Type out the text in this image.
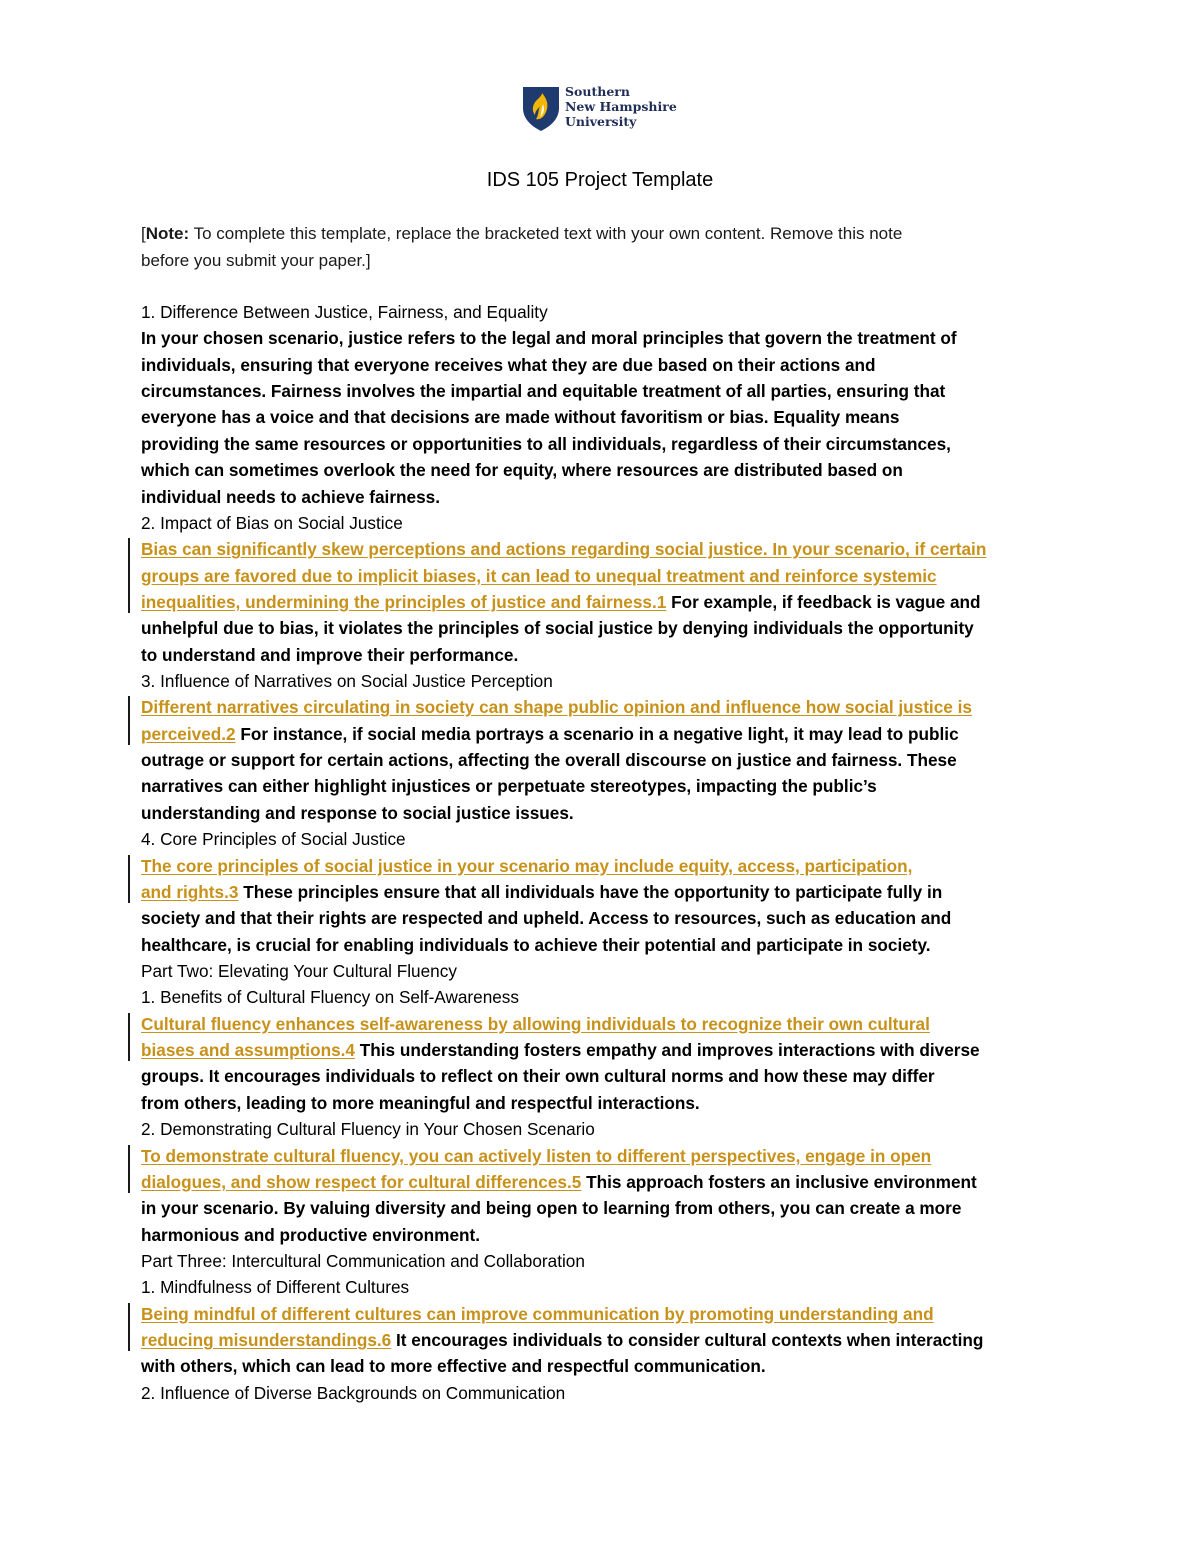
Southern
New Hampshire
University
IDS 105 Project Template
[Note: To complete this template, replace the bracketed text with your own content. Remove this note
before you submit your paper.]
1. Difference Between Justice, Fairness, and Equality
In your chosen scenario, justice refers to the legal and moral principles that govern the treatment of
individuals, ensuring that everyone receives what they are due based on their actions and
circumstances. Fairness involves the impartial and equitable treatment of all parties, ensuring that
everyone has a voice and that decisions are made without favoritism or bias. Equality means
providing the same resources or opportunities to all individuals, regardless of their circumstances,
which can sometimes overlook the need for equity, where resources are distributed based on
individual needs to achieve fairness.
2. Impact of Bias on Social Justice
Bias can significantly skew perceptions and actions regarding social justice. In your scenario, if certain
groups are favored due to implicit biases, it can lead to unequal treatment and reinforce systemic
inequalities, undermining the principles of justice and fairness.1 For example, if feedback is vague and
unhelpful due to bias, it violates the principles of social justice by denying individuals the opportunity
to understand and improve their performance.
3. Influence of Narratives on Social Justice Perception
Different narratives circulating in society can shape public opinion and influence how social justice is
perceived.2 For instance, if social media portrays a scenario in a negative light, it may lead to public
outrage or support for certain actions, affecting the overall discourse on justice and fairness. These
narratives can either highlight injustices or perpetuate stereotypes, impacting the public’s
understanding and response to social justice issues.
4. Core Principles of Social Justice
The core principles of social justice in your scenario may include equity, access, participation,
and rights.3 These principles ensure that all individuals have the opportunity to participate fully in
society and that their rights are respected and upheld. Access to resources, such as education and
healthcare, is crucial for enabling individuals to achieve their potential and participate in society.
Part Two: Elevating Your Cultural Fluency
1. Benefits of Cultural Fluency on Self-Awareness
Cultural fluency enhances self-awareness by allowing individuals to recognize their own cultural
biases and assumptions.4 This understanding fosters empathy and improves interactions with diverse
groups. It encourages individuals to reflect on their own cultural norms and how these may differ
from others, leading to more meaningful and respectful interactions.
2. Demonstrating Cultural Fluency in Your Chosen Scenario
To demonstrate cultural fluency, you can actively listen to different perspectives, engage in open
dialogues, and show respect for cultural differences.5 This approach fosters an inclusive environment
in your scenario. By valuing diversity and being open to learning from others, you can create a more
harmonious and productive environment.
Part Three: Intercultural Communication and Collaboration
1. Mindfulness of Different Cultures
Being mindful of different cultures can improve communication by promoting understanding and
reducing misunderstandings.6 It encourages individuals to consider cultural contexts when interacting
with others, which can lead to more effective and respectful communication.
2. Influence of Diverse Backgrounds on Communication
